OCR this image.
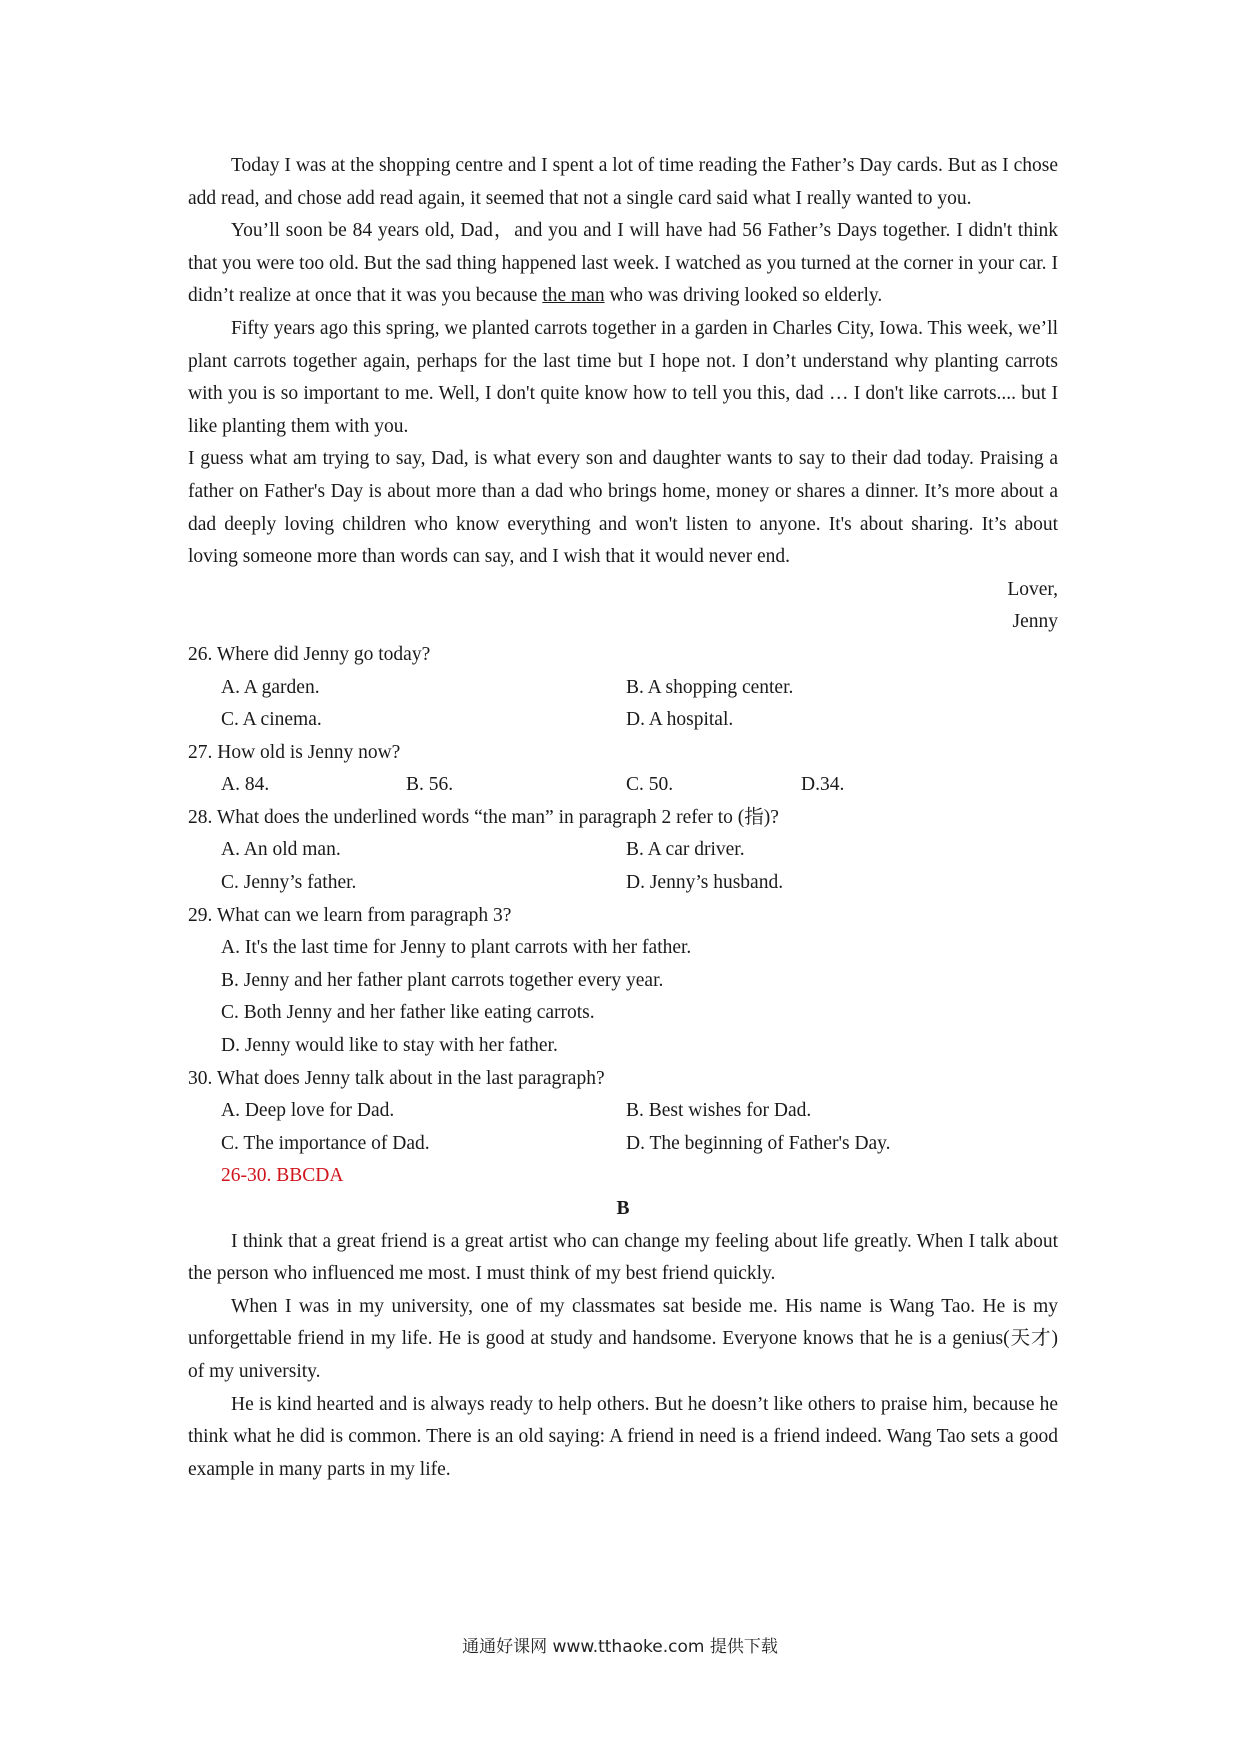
Today I was at the shopping centre and I spent a lot of time reading the Father’s Day cards. But as I chose add read, and chose add read again, it seemed that not a single card said what I really wanted to you.

You’ll soon be 84 years old, Dad，and you and I will have had 56 Father’s Days together. I didn't think that you were too old. But the sad thing happened last week. I watched as you turned at the corner in your car. I didn’t realize at once that it was you because the man who was driving looked so elderly.

Fifty years ago this spring, we planted carrots together in a garden in Charles City, Iowa. This week, we’ll plant carrots together again, perhaps for the last time but I hope not. I don’t understand why planting carrots with you is so important to me. Well, I don't quite know how to tell you this, dad … I don't like carrots.... but I like planting them with you.

I guess what am trying to say, Dad, is what every son and daughter wants to say to their dad today. Praising a father on Father's Day is about more than a dad who brings home, money or shares a dinner. It’s more about a dad deeply loving children who know everything and won't listen to anyone. It's about sharing. It’s about loving someone more than words can say, and I wish that it would never end.

Lover,

Jenny

26. Where did Jenny go today?

A. A garden.	B. A shopping center.
C. A cinema.	D. A hospital.

27. How old is Jenny now?

A. 84.	B. 56.	C. 50.	D.34.

28. What does the underlined words “the man” in paragraph 2 refer to (指)?

A. An old man.	B. A car driver.
C. Jenny’s father.	D. Jenny’s husband.

29. What can we learn from paragraph 3?

A. It's the last time for Jenny to plant carrots with her father.
B. Jenny and her father plant carrots together every year.
C. Both Jenny and her father like eating carrots.
D. Jenny would like to stay with her father.

30. What does Jenny talk about in the last paragraph?

A. Deep love for Dad.	B. Best wishes for Dad.
C. The importance of Dad.	D. The beginning of Father's Day.

26-30. BBCDA

B

I think that a great friend is a great artist who can change my feeling about life greatly. When I talk about the person who influenced me most. I must think of my best friend quickly.

When I was in my university, one of my classmates sat beside me. His name is Wang Tao. He is my unforgettable friend in my life. He is good at study and handsome. Everyone knows that he is a genius(天才) of my university.

He is kind hearted and is always ready to help others. But he doesn’t like others to praise him, because he think what he did is common. There is an old saying: A friend in need is a friend indeed. Wang Tao sets a good example in many parts in my life.

通通好课网 www.tthaoke.com 提供下载
